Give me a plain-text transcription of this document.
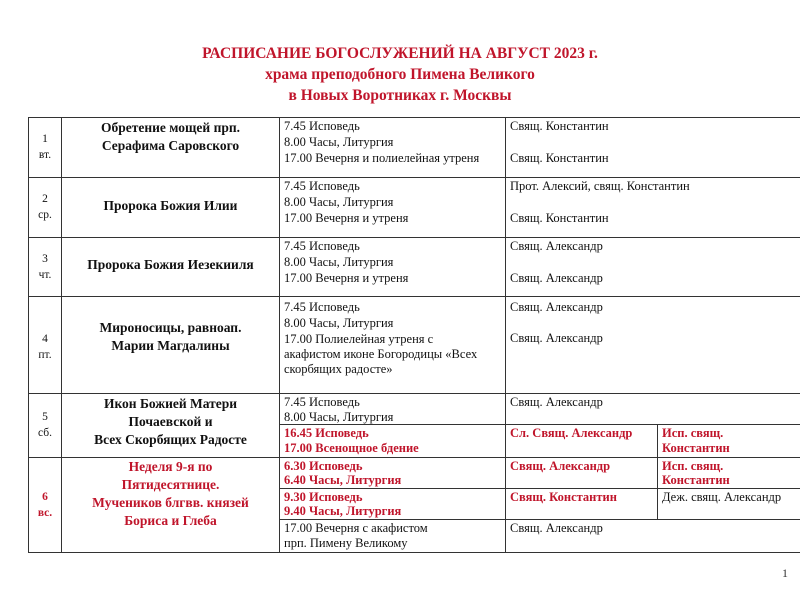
РАСПИСАНИЕ БОГОСЛУЖЕНИЙ НА АВГУСТ 2023 г.
храма преподобного Пимена Великого
в Новых Воротниках г. Москвы
1
вт.
Обретение мощей прп.
Серафима Саровского
7.45 Исповедь
8.00 Часы, Литургия
17.00 Вечерня и полиелейная утреня
Свящ. Константин
Свящ. Константин
2
ср.
Пророка Божия Илии
7.45 Исповедь
8.00 Часы, Литургия
17.00 Вечерня и утреня
Прот. Алексий, свящ. Константин
Свящ. Константин
3
чт.
Пророка Божия Иезекииля
7.45 Исповедь
8.00 Часы, Литургия
17.00 Вечерня и утреня
Свящ. Александр
Свящ. Александр
4
пт.
Мироносицы, равноап.
Марии Магдалины
7.45 Исповедь
8.00 Часы, Литургия
17.00 Полиелейная утреня с
акафистом иконе Богородицы «Всех
скорбящих радосте»
Свящ. Александр
Свящ. Александр
5
сб.
Икон Божией Матери
Почаевской и
Всех Скорбящих Радосте
7.45 Исповедь
8.00 Часы, Литургия
Свящ. Александр
16.45 Исповедь
17.00 Всенощное бдение
Сл. Свящ. Александр Исп. свящ.
Константин
6
вс.
Неделя 9-я по
Пятидесятнице.
Мучеников блгвв. князей
Бориса и Глеба
6.30 Исповедь
6.40 Часы, Литургия
Свящ. Александр	Исп. свящ.
Константин
9.30 Исповедь
9.40 Часы, Литургия
Свящ. Константин	Деж. свящ. Александр
17.00 Вечерня с акафистом
прп. Пимену Великому
Свящ. Александр
1
